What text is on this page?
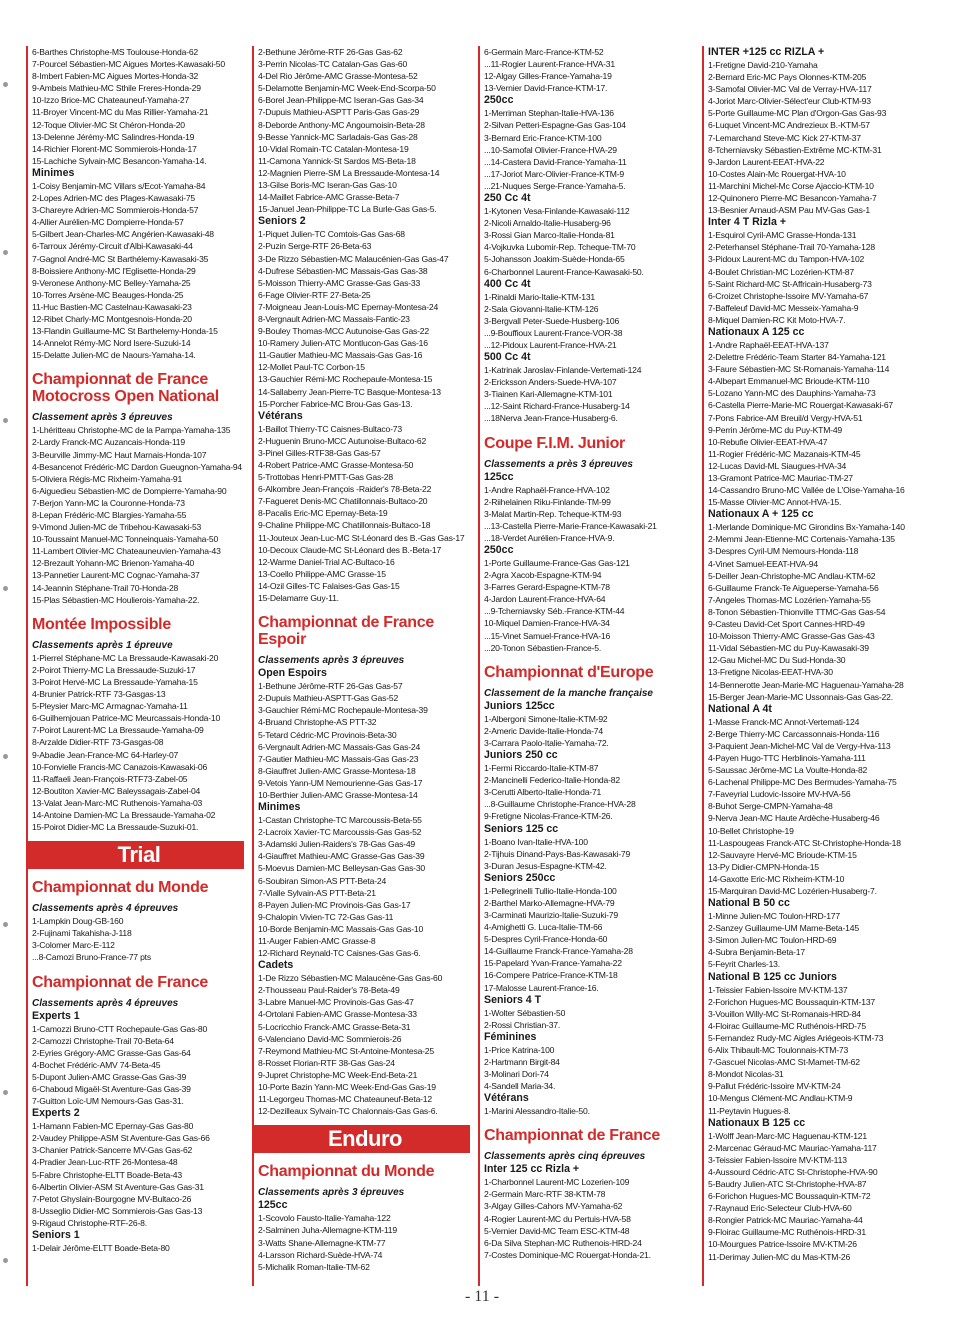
6-Barthes Christophe-MS Toulouse-Honda-62
7-Pourcel Sébastien-MC Aigues Mortes-Kawasaki-50
8-Imbert Fabien-MC Aigues Mortes-Honda-32
9-Ambeis Mathieu-MC Sthile Freres-Honda-29
10-Izzo Brice-MC Chateauneuf-Yamaha-27
11-Broyer Vincent-MC du Mas Rillier-Yamaha-21
12-Toque Olivier-MC St Chéron-Honda-20
13-Delenne Jérémy-MC Salindres-Honda-19
14-Richier Florent-MC Sommierois-Honda-17
15-Lachiche Sylvain-MC Besancon-Yamaha-14.
Minimes
1-Coisy Benjamin-MC Villars s/Ecot-Yamaha-84
2-Lopes Adrien-MC des Plages-Kawasaki-75
3-Chareyre Adrien-MC Sommierois-Honda-57
4-Allier Aurélien-MC Dompierre-Honda-57
5-Gilbert Jean-Charles-MC Angérien-Kawasaki-48
6-Tarroux Jérémy-Circuit d'Albi-Kawasaki-44
7-Gagnol André-MC St Barthélemy-Kawasaki-35
8-Boissiere Anthony-MC l'Eglisette-Honda-29
9-Veronese Anthony-MC Belley-Yamaha-25
10-Torres Arsène-MC Beauges-Honda-25
11-Huc Bastien-MC Castelnau-Kawasaki-23
12-Ribet Charly-MC Montgesnois-Honda-20
13-Flandin Guillaume-MC St Barthelemy-Honda-15
14-Annelot Rémy-MC Nord Isere-Suzuki-14
15-Delatte Julien-MC de Naours-Yamaha-14.
Championnat de France Motocross Open National
Classement après 3 épreuves
1-Lhéritteau Christophe-MC de la Pampa-Yamaha-135
2-Lardy Franck-MC Auzancais-Honda-119
3-Beurville Jimmy-MC Haut Marnais-Honda-107
4-Besancenot Frédéric-MC Dardon Gueugnon-Yamaha-94
5-Oliviera Régis-MC Rixheim-Yamaha-91
6-Aiguedieu Sébastien-MC de Dompierre-Yamaha-90
7-Berjon Yann-MC la Couronne-Honda-73
8-Lepan Frédéric-MC Blargies-Yamaha-55
9-Vimond Julien-MC de Tribehou-Kawasaki-53
10-Toussaint Manuel-MC Tonneinquais-Yamaha-50
11-Lambert Olivier-MC Chateauneuvien-Yamaha-43
12-Brezault Yohann-MC Brienon-Yamaha-40
13-Pannetier Laurent-MC Cognac-Yamaha-37
14-Jeannin Stéphane-Trail 70-Honda-28
15-Plas Sébastien-MC Houlierois-Yamaha-22.
Montée Impossible
Classements après 1 épreuve
1-Pierrel Stéphane-MC La Bressaude-Kawasaki-20
2-Poirot Thierry-MC La Bressaude-Suzuki-17
3-Poirot Hervé-MC La Bressaude-Yamaha-15
4-Brunier Patrick-RTF 73-Gasgas-13
5-Pleysier Marc-MC Armagnac-Yamaha-11
6-Guilhemjouan Patrice-MC Meurcassais-Honda-10
7-Poirot Laurent-MC La Bressaude-Yamaha-09
8-Arzalde Didier-RTF 73-Gasgas-08
9-Abadie Jean-France-MC 64-Harley-07
10-Fonvielle Francis-MC Canazois-Kawasaki-06
11-Raffaeli Jean-François-RTF73-Zabel-05
12-Boutiton Xavier-MC Baleyssagais-Zabel-04
13-Valat Jean-Marc-MC Ruthenois-Yamaha-03
14-Antoine Damien-MC La Bressaude-Yamaha-02
15-Poirot Didier-MC La Bressaude-Suzuki-01.
Trial
Championnat du Monde
Classements après 4 épreuves
1-Lampkin Doug-GB-160
2-Fujinami Takahisha-J-118
3-Colomer Marc-E-112
...8-Camozi Bruno-France-77 pts
Championnat de France
Classements après 4 épreuves
Experts 1
1-Camozzi Bruno-CTT Rochepaule-Gas Gas-80
2-Camozzi Christophe-Trail 70-Beta-64
2-Eyries Grégory-AMC Grasse-Gas Gas-64
4-Bochet Frédéric-AMV 74-Beta-45
5-Dupont Julien-AMC Grasse-Gas Gas-39
6-Chaboud Migaël-St Aventure-Gas Gas-39
7-Guitton Loïc-UM Nemours-Gas Gas-31.
Experts 2
1-Hamann Fabien-MC Epernay-Gas Gas-80
2-Vaudey Philippe-ASM St Aventure-Gas Gas-66
3-Chanier Patrick-Sancerre MV-Gas Gas-62
4-Pradier Jean-Luc-RTF 26-Montesa-48
5-Fabre Christophe-ELTT Boade-Beta-43
6-Albertin Olivier-ASM St Aventure-Gas Gas-31
7-Petot Ghyslain-Bourgogne MV-Bultaco-26
8-Usseglio Didier-MC Sommierois-Gas Gas-13
9-Rigaud Christophe-RTF-26-8.
Seniors 1
1-Delair Jérôme-ELTT Boade-Beta-80
2-Bethune Jérôme-RTF 26-Gas Gas-62
3-Perrin Nicolas-TC Catalan-Gas Gas-60
4-Del Rio Jérôme-AMC Grasse-Montesa-52
5-Delamotte Benjamin-MC Week-End-Scorpa-50
6-Borel Jean-Philippe-MC Iseran-Gas Gas-34
7-Dupuis Mathieu-ASPTT Paris-Gas Gas-29
8-Deborde Anthony-MC Angoumoisin-Beta-28
9-Besse Yannick-MC Sarladais-Gas Gas-28
10-Vidal Romain-TC Catalan-Montesa-19
11-Camona Yannick-St Sardos MS-Beta-18
12-Magnien Pierre-SM La Bressaude-Montesa-14
13-Gilse Boris-MC Iseran-Gas Gas-10
14-Maillet Fabrice-AMC Grasse-Beta-7
15-Januel Jean-Philippe-TC La Burle-Gas Gas-5.
Seniors 2
1-Piquet Julien-TC Comtois-Gas Gas-68
2-Puzin Serge-RTF 26-Beta-63
3-De Rizzo Sébastien-MC Malaucénien-Gas Gas-47
4-Dufrese Sébastien-MC Massais-Gas Gas-38
5-Moisson Thierry-AMC Grasse-Gas Gas-33
6-Fage Olivier-RTF 27-Beta-25
7-Moigneau Jean-Louis-MC Epernay-Montesa-24
8-Vergnault Adrien-MC Massais-Fantic-23
9-Bouley Thomas-MCC Autunoise-Gas Gas-22
10-Ramery Julien-ATC Montlucon-Gas Gas-16
11-Gautier Mathieu-MC Massais-Gas Gas-16
12-Mollet Paul-TC Corbon-15
13-Gauchier Rémi-MC Rochepaule-Montesa-15
14-Sallaberry Jean-Pierre-TC Basque-Montesa-13
15-Porcher Fabrice-MC Brou-Gas Gas-13.
Vétérans
1-Baillot Thierry-TC Caisnes-Bultaco-73
2-Huguenin Bruno-MCC Autunoise-Bultaco-62
3-Pinel Gilles-RTF38-Gas Gas-57
4-Robert Patrice-AMC Grasse-Montesa-50
5-Trottobas Henri-PMTT-Gas Gas-28
6-Alkombre Jean-François -Raider's 78-Beta-22
7-Fagueret Denis-MC Chatillonnais-Bultaco-20
8-Pacalis Eric-MC Epernay-Beta-19
9-Chaline Philippe-MC Chatillonnais-Bultaco-18
11-Jouteux Jean-Luc-MC St-Léonard des B.-Gas Gas-17
10-Decoux Claude-MC St-Léonard des B.-Beta-17
12-Warme Daniel-Trial AC-Bultaco-16
13-Coello Philippe-AMC Grasse-15
14-Ozil Gilles-TC Falaises-Gas Gas-15
15-Delamarre Guy-11.
Championnat de France Espoir
Classements après 3 épreuves
Open Espoirs
1-Bethune Jérôme-RTF 26-Gas Gas-57
2-Dupuis Mathieu-ASPTT-Gas Gas-52
3-Gauchier Rémi-MC Rochepaule-Montesa-39
4-Bruand Christophe-AS PTT-32
5-Tetard Cédric-MC Provinois-Beta-30
6-Vergnault Adrien-MC Massais-Gas Gas-24
7-Gautier Mathieu-MC Massais-Gas Gas-23
8-Giauffret Julien-AMC Grasse-Montesa-18
9-Vetois Yann-UM Nemourienne-Gas Gas-17
10-Berthier Julien-AMC Grasse-Montesa-14
Minimes
1-Castan Christophe-TC Marcoussis-Beta-55
2-Lacroix Xavier-TC Marcoussis-Gas Gas-52
3-Adamski Julien-Raiders's 78-Gas Gas-49
4-Giauffret Mathieu-AMC Grasse-Gas Gas-39
5-Moevus Damien-MC Belleysan-Gas Gas-30
6-Soubiran Simon-AS PTT-Beta-24
7-Vialle Sylvain-AS PTT-Beta-21
8-Payen Julien-MC Provinois-Gas Gas-17
9-Chalopin Vivien-TC 72-Gas Gas-11
10-Borde Benjamin-MC Massais-Gas Gas-10
11-Auger Fabien-AMC Grasse-8
12-Richard Reynald-TC Caisnes-Gas Gas-6.
Cadets
1-De Rizzo Sébastien-MC Malaucène-Gas Gas-60
2-Thousseau Paul-Raider's 78-Beta-49
3-Labre Manuel-MC Provinois-Gas Gas-47
4-Ortolani Fabien-AMC Grasse-Montesa-33
5-Locricchio Franck-AMC Grasse-Beta-31
6-Valenciano David-MC Sommierois-26
7-Reymond Mathieu-MC St-Antoine-Montesa-25
8-Rosset Florian-RTF 38-Gas Gas-24
9-Jupret Christophe-MC Week-End-Beta-21
10-Porte Bazin Yann-MC Week-End-Gas Gas-19
11-Legorgeu Thomas-MC Chateauneuf-Beta-12
12-Dezilleaux Sylvain-TC Chalonnais-Gas Gas-6.
Enduro
Championnat du Monde
Classements après 3 épreuves
125cc
1-Scovolo Fausto-Italie-Yamaha-122
2-Salminen Juha-Allemagne-KTM-119
3-Watts Shane-Allemagne-KTM-77
4-Larsson Richard-Suède-HVA-74
5-Michalik Roman-Italie-TM-62
6-Germain Marc-France-KTM-52
...11-Rogier Laurent-France-HVA-31
12-Algay Gilles-France-Yamaha-19
13-Vernier David-France-KTM-17.
250cc
1-Merriman Stephan-Italie-HVA-136
2-Silvan Petteri-Espagne-Gas Gas-104
3-Bernard Eric-France-KTM-100
...10-Samofal Olivier-France-HVA-29
...14-Castera David-France-Yamaha-11
...17-Joriot Marc-Olivier-France-KTM-9
...21-Nuques Serge-France-Yamaha-5.
250 Cc 4t
1-Kytonen Vesa-Finlande-Kawasaki-112
2-Nicoli Arnaldo-Italie-Husaberg-96
3-Rossi Gian Marco-Italie-Honda-81
4-Vojkuvka Lubomir-Rep. Tcheque-TM-70
5-Johansson Joakim-Suède-Honda-65
6-Charbonnel Laurent-France-Kawasaki-50.
400 Cc 4t
1-Rinaldi Mario-Italie-KTM-131
2-Sala Giovanni-Italie-KTM-126
3-Bergvall Peter-Suede-Husberg-106
...9-Bouffioux Laurent-France-VOR-38
...12-Pidoux Laurent-France-HVA-21
500 Cc 4t
1-Katrinak Jaroslav-Finlande-Vertemati-124
2-Ericksson Anders-Suede-HVA-107
3-Tiainen Kari-Allemagne-KTM-101
...12-Saint Richard-France-Husaberg-14
...18Nerva Jean-France-Husaberg-6.
Coupe F.I.M. Junior
Classements a près 3 épreuves
125cc
1-Andre Raphaël-France-HVA-102
2-Riihelainen Riku-Finlande-TM-99
3-Malat Martin-Rep. Tcheque-KTM-93
...13-Castella Pierre-Marie-France-Kawasaki-21
...18-Verdet Aurélien-France-HVA-9.
250cc
1-Porte Guillaume-France-Gas Gas-121
2-Agra Xacob-Espagne-KTM-94
3-Farres Gerard-Espagne-KTM-78
4-Jardon Laurent-France-HVA-64
...9-Tcherniavsky Séb.-France-KTM-44
10-Miquel Damien-France-HVA-34
...15-Vinet Samuel-France-HVA-16
...20-Tonon Sébastien-France-5.
Championnat d'Europe
Classement de la manche française
Juniors 125cc
1-Albergoni Simone-Italie-KTM-92
2-Americ Davide-Italie-Honda-74
3-Carrara Paolo-Italie-Yamaha-72.
Juniors 250 cc
1-Fermi Riccardo-Italie-KTM-87
2-Mancinelli Federico-Italie-Honda-82
3-Cerutti Alberto-Italie-Honda-71
...8-Guillaume Christophe-France-HVA-28
9-Fretigne Nicolas-France-KTM-26.
Seniors 125 cc
1-Boano Ivan-Italie-HVA-100
2-Tijhuis Dinand-Pays-Bas-Kawasaki-79
3-Duran Jesus-Espagne-KTM-42.
Seniors 250cc
1-Pellegrinelli Tullio-Italie-Honda-100
2-Barthel Marko-Allemagne-HVA-79
3-Carminati Maurizio-Italie-Suzuki-79
4-Amighetti G. Luca-Italie-TM-66
5-Despres Cyril-France-Honda-60
14-Guillaume Franck-France-Yamaha-28
15-Papelard Yvan-France-Yamaha-22
16-Compere Patrice-France-KTM-18
17-Malosse Laurent-France-16.
Seniors 4 T
1-Wolter Sébastien-50
2-Rossi Christian-37.
Féminines
1-Price Katrina-100
2-Hartmann Birgit-84
3-Molinari Dori-74
4-Sandell Maria-34.
Vétérans
1-Marini Alessandro-Italie-50.
Championnat de France
Classements après cinq épreuves
Inter 125 cc Rizla +
1-Charbonnel Laurent-MC Lozerien-109
2-Germain Marc-RTF 38-KTM-78
3-Algay Gilles-Cahors MV-Yamaha-62
4-Rogier Laurent-MC du Pertuis-HVA-58
5-Vernier David-MC Team ESC-KTM-48
6-Da Silva Stephan-MC Ruthenois-HRD-24
7-Costes Dominique-MC Rouergat-Honda-21.
INTER +125 cc RIZLA +
1-Fretigne David-210-Yamaha
2-Bernard Eric-MC Pays Olonnes-KTM-205
3-Samofal Olivier-MC Val de Verray-HVA-117
4-Joriot Marc-Olivier-Sélect'eur Club-KTM-93
5-Porte Guillaume-MC Plan d'Orgon-Gas Gas-93
6-Luquet Vincent-MC Andrezieux B.-KTM-57
7-Lemarchand Steve-MC Kick 27-KTM-37
8-Tcherniavsky Sébastien-Extrême MC-KTM-31
9-Jardon Laurent-EEAT-HVA-22
10-Costes Alain-Mc Rouergat-HVA-10
11-Marchini Michel-Mc Corse Ajaccio-KTM-10
12-Quinonero Pierre-MC Besancon-Yamaha-7
13-Besnier Arnaud-ASM Pau MV-Gas Gas-1
Inter 4 T Rizla +
1-Esquirol Cyril-AMC Grasse-Honda-131
2-Peterhansel Stéphane-Trail 70-Yamaha-128
3-Pidoux Laurent-MC du Tampon-HVA-102
4-Boulet Christian-MC Lozérien-KTM-87
5-Saint Richard-MC St-Affricain-Husaberg-73
6-Croizet Christophe-Issoire MV-Yamaha-67
7-Baffeleuf David-MC Messeix-Yamaha-9
8-Miquel Damien-RC Kit Moto-HVA-7.
Nationaux A 125 cc
1-Andre Raphaël-EEAT-HVA-137
2-Delettre Frédéric-Team Starter 84-Yamaha-121
3-Faure Sébastien-MC St-Romanais-Yamaha-114
4-Albepart Emmanuel-MC Brioude-KTM-110
5-Lozano Yann-MC des Dauphins-Yamaha-73
6-Castella Pierre-Marie-MC Rouergat-Kawasaki-67
7-Pons Fabrice-AM Breuil/d Vergy-HVA-51
9-Perrin Jérôme-MC du Puy-KTM-49
10-Rebufie Olivier-EEAT-HVA-47
11-Rogier Frédéric-MC Mazanais-KTM-45
12-Lucas David-ML Siaugues-HVA-34
13-Gramont Patrice-MC Mauriac-TM-27
14-Cassandro Bruno-MC Vallée de L'Oise-Yamaha-16
15-Masse Olivier-MC Annot-HVA-15.
Nationaux A + 125 cc
1-Merlande Dominique-MC Girondins Bx-Yamaha-140
2-Memmi Jean-Etienne-MC Cortenais-Yamaha-135
3-Despres Cyril-UM Nemours-Honda-118
4-Vinet Samuel-EEAT-HVA-94
5-Deiller Jean-Christophe-MC Andlau-KTM-62
6-Guillaume Franck-Te Aigueperse-Yamaha-56
7-Angeles Thomas-MC Lozérien-Yamaha-55
8-Tonon Sébastien-Thionville TTMC-Gas Gas-54
9-Casteu David-Cet Sport Cannes-HRD-49
10-Moisson Thierry-AMC Grasse-Gas Gas-43
11-Vidal Sébastien-MC du Puy-Kawasaki-39
12-Gau Michel-MC Du Sud-Honda-30
13-Fretigne Nicolas-EEAT-HVA-30
14-Bennerotte Jean-Marie-MC Haguenau-Yamaha-28
15-Berger Jean-Marie-MC Ussonnais-Gas Gas-22.
National A 4t
1-Masse Franck-MC Annot-Vertemati-124
2-Berge Thierry-MC Carcassonnais-Honda-116
3-Paquient Jean-Michel-MC Val de Vergy-Hva-113
4-Payen Hugo-TTC Herblinois-Yamaha-111
5-Saussac Jérôme-MC La Voulte-Honda-82
6-Lachenal Philippe-MC Des Bermudes-Yamaha-75
7-Faveyrial Ludovic-Issoire MV-HVA-56
8-Buhot Serge-CMPN-Yamaha-48
9-Nerva Jean-MC Haute Ardèche-Husaberg-46
10-Bellet Christophe-19
11-Laspougeas Franck-ATC St-Christophe-Honda-18
12-Sauvayre Hervé-MC Brioude-KTM-15
13-Py Didier-CMPN-Honda-15
14-Gaxotte Eric-MC Rixheim-KTM-10
15-Marquiran David-MC Lozérien-Husaberg-7.
National B 50 cc
1-Minne Julien-MC Toulon-HRD-177
2-Sanzey Guillaume-UM Marne-Beta-145
3-Simon Julien-MC Toulon-HRD-69
4-Subra Benjamin-Beta-17
5-Feyrit Charles-13.
National B 125 cc Juniors
1-Teissier Fabien-Issoire MV-KTM-137
2-Forichon Hugues-MC Boussaquin-KTM-137
3-Vouillon Willy-MC St-Romanais-HRD-84
4-Floirac Guillaume-MC Ruthénois-HRD-75
5-Fernandez Rudy-MC Aigles Ariégeois-KTM-73
6-Alix Thibault-MC Toulonnais-KTM-73
7-Gascuel Nicolas-AMC St-Mamet-TM-62
8-Mondot Nicolas-31
9-Pallut Frédéric-Issoire MV-KTM-24
10-Mengus Clément-MC Andlau-KTM-9
11-Peytavin Hugues-8.
Nationaux B 125 cc
1-Wolff Jean-Marc-MC Haguenau-KTM-121
2-Marcenac Géraud-MC Mauriac-Yamaha-117
3-Teissier Fabien-Issoire MV-KTM-113
4-Aussourd Cédric-ATC St-Christophe-HVA-90
5-Baudry Julien-ATC St-Christophe-HVA-87
6-Forichon Hugues-MC Boussaquin-KTM-72
7-Raynaud Eric-Selecteur Club-HVA-60
8-Rongier Patrick-MC Mauriac-Yamaha-44
9-Floirac Guillaume-MC Ruthénois-HRD-31
10-Mourgues Patrice-Issoire MV-KTM-26
11-Derimay Julien-MC du Mas-KTM-26
- 11 -
